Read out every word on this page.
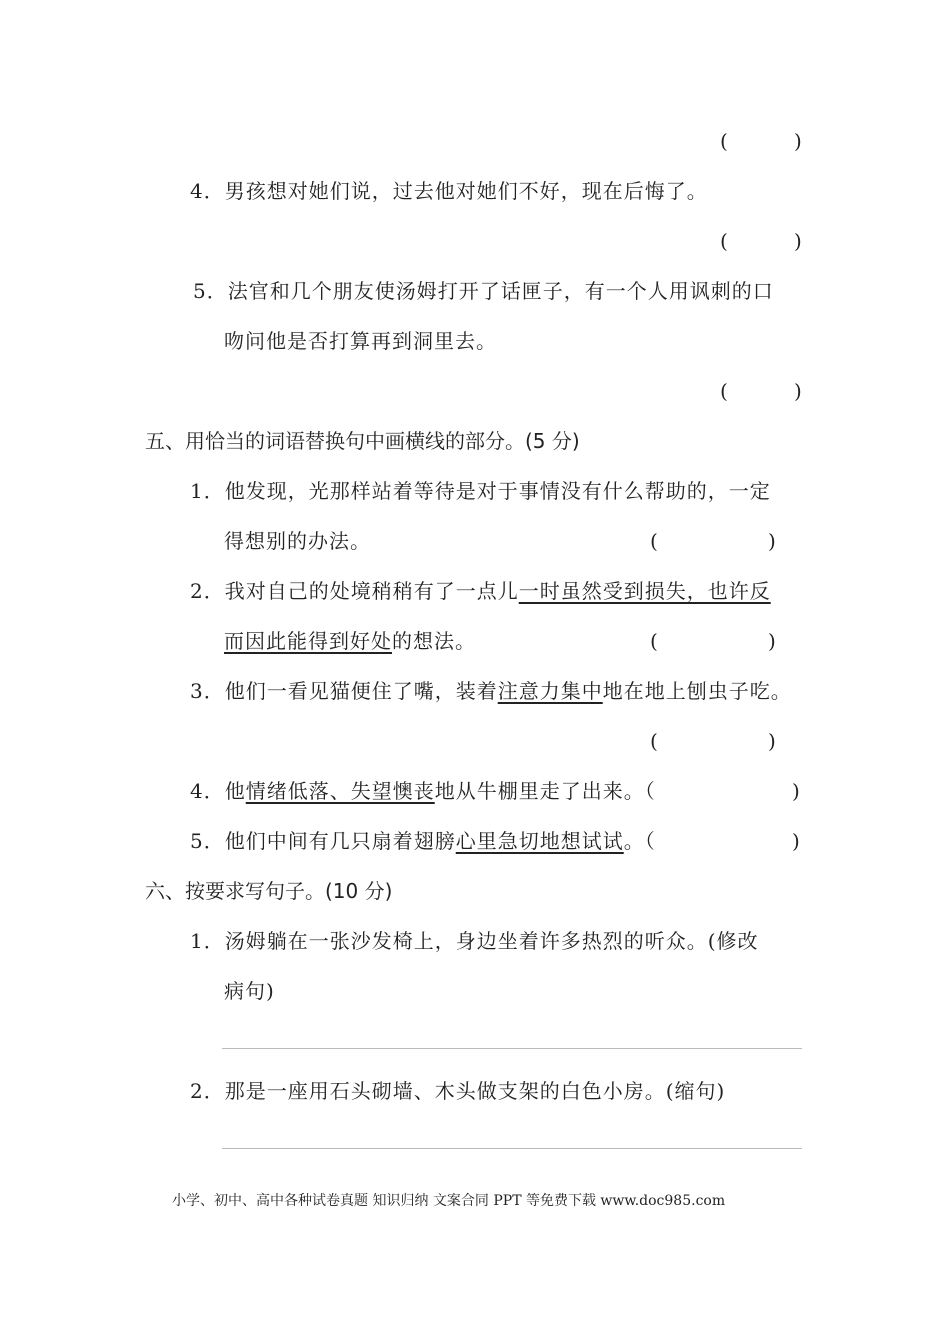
(	)
4．男孩想对她们说，过去他对她们不好，现在后悔了。
(	)
5．法官和几个朋友使汤姆打开了话匣子，有一个人用讽刺的口
吻问他是否打算再到洞里去。
(	)
五、用恰当的词语替换句中画横线的部分。(5 分)
1．他发现，光那样站着等待是对于事情没有什么帮助的，一定
得想别的办法。	(	)
2．我对自己的处境稍稍有了一点儿一时虽然受到损失，也许反
而因此能得到好处的想法。	(	)
3．他们一看见猫便住了嘴，装着注意力集中地在地上刨虫子吃。
(	)
4．他情绪低落、失望懊丧地从牛棚里走了出来。（	)
5．他们中间有几只扇着翅膀心里急切地想试试。（	)
六、按要求写句子。(10 分)
1．汤姆躺在一张沙发椅上，身边坐着许多热烈的听众。(修改
病句)
2．那是一座用石头砌墙、木头做支架的白色小房。(缩句)
小学、初中、高中各种试卷真题 知识归纳 文案合同 PPT 等免费下载 www.doc985.com
